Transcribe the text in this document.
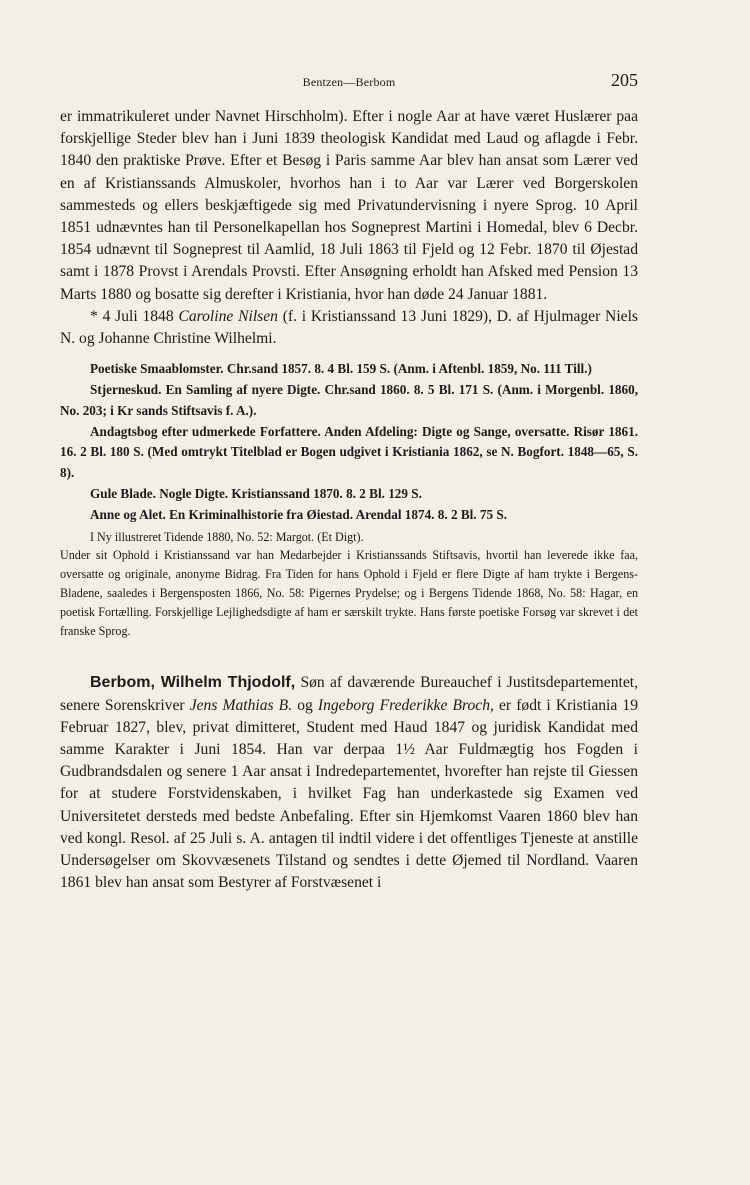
Bentzen—Berbom	205

er immatrikuleret under Navnet Hirschholm). Efter i nogle Aar at have været Huslærer paa forskjellige Steder blev han i Juni 1839 theologisk Kandidat med Laud og aflagde i Febr. 1840 den praktiske Prøve. Efter et Besøg i Paris samme Aar blev han ansat som Lærer ved en af Kristianssands Almuskoler, hvorhos han i to Aar var Lærer ved Borgerskolen sammesteds og ellers beskjæftigede sig med Privatundervisning i nyere Sprog. 10 April 1851 udnævntes han til Personelkapellan hos Sogneprest Martini i Homedal, blev 6 Decbr. 1854 udnævnt til Sogneprest til Aamlid, 18 Juli 1863 til Fjeld og 12 Febr. 1870 til Øjestad samt i 1878 Provst i Arendals Provsti. Efter Ansøgning erholdt han Afsked med Pension 13 Marts 1880 og bosatte sig derefter i Kristiania, hvor han døde 24 Januar 1881.

* 4 Juli 1848 Caroline Nilsen (f. i Kristianssand 13 Juni 1829), D. af Hjulmager Niels N. og Johanne Christine Wilhelmi.

Poetiske Smaablomster. Chr.sand 1857. 8. 4 Bl. 159 S. (Anm. i Aftenbl. 1859, No. 111 Till.)

Stjerneskud. En Samling af nyere Digte. Chr.sand 1860. 8. 5 Bl. 171 S. (Anm. i Morgenbl. 1860, No. 203; i Kr sands Stiftsavis f. A.).

Andagtsbog efter udmerkede Forfattere. Anden Afdeling: Digte og Sange, oversatte. Risør 1861. 16. 2 Bl. 180 S. (Med omtrykt Titelblad er Bogen udgivet i Kristiania 1862, se N. Bogfort. 1848—65, S. 8).

Gule Blade. Nogle Digte. Kristianssand 1870. 8. 2 Bl. 129 S.

Anne og Alet. En Kriminalhistorie fra Øiestad. Arendal 1874. 8. 2 Bl. 75 S.

I Ny illustreret Tidende 1880, No. 52: Margot. (Et Digt).

Under sit Ophold i Kristianssand var han Medarbejder i Kristianssands Stiftsavis, hvortil han leverede ikke faa, oversatte og originale, anonyme Bidrag. Fra Tiden for hans Ophold i Fjeld er flere Digte af ham trykte i Bergens-Bladene, saaledes i Bergensposten 1866, No. 58: Pigernes Prydelse; og i Bergens Tidende 1868, No. 58: Hagar, en poetisk Fortælling. Forskjellige Lejlighedsdigte af ham er særskilt trykte. Hans første poetiske Forsøg var skrevet i det franske Sprog.

Berbom, Wilhelm Thjodolf, Søn af daværende Bureauchef i Justitsdepartementet, senere Sorenskriver Jens Mathias B. og Ingeborg Frederikke Broch, er født i Kristiania 19 Februar 1827, blev, privat dimitteret, Student med Haud 1847 og juridisk Kandidat med samme Karakter i Juni 1854. Han var derpaa 1½ Aar Fuldmægtig hos Fogden i Gudbrandsdalen og senere 1 Aar ansat i Indredepartementet, hvorefter han rejste til Giessen for at studere Forstvidenskaben, i hvilket Fag han underkastede sig Examen ved Universitetet dersteds med bedste Anbefaling. Efter sin Hjemkomst Vaaren 1860 blev han ved kongl. Resol. af 25 Juli s. A. antagen til indtil videre i det offentliges Tjeneste at anstille Undersøgelser om Skovvæsenets Tilstand og sendtes i dette Øjemed til Nordland. Vaaren 1861 blev han ansat som Bestyrer af Forstvæsenet i
